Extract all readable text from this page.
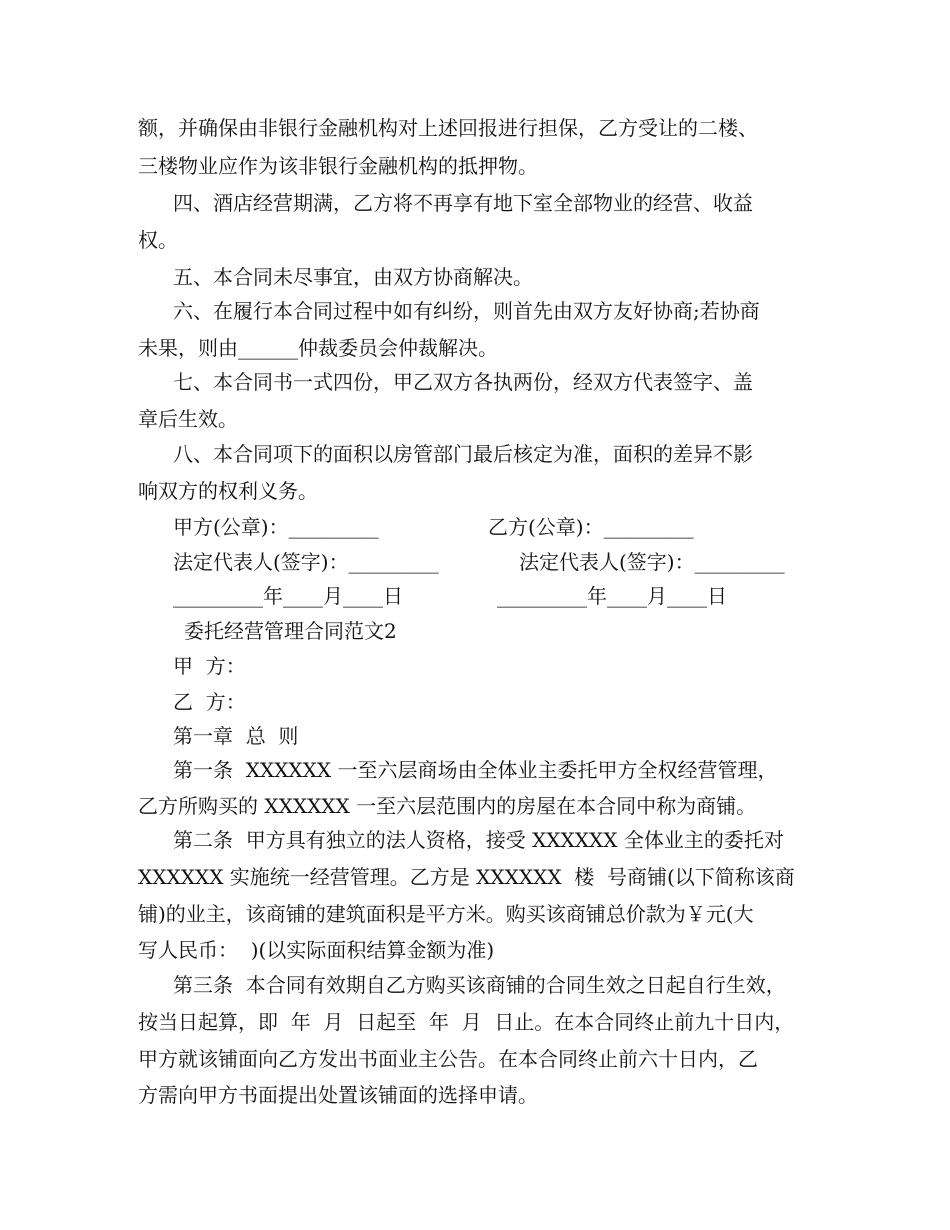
额，并确保由非银行金融机构对上述回报进行担保，乙方受让的二楼、

三楼物业应作为该非银行金融机构的抵押物。

四、酒店经营期满，乙方将不再享有地下室全部物业的经营、收益

权。

五、本合同未尽事宜，由双方协商解决。

六、在履行本合同过程中如有纠纷，则首先由双方友好协商;若协商

未果，则由______仲裁委员会仲裁解决。

七、本合同书一式四份，甲乙双方各执两份，经双方代表签字、盖

章后生效。

八、本合同项下的面积以房管部门最后核定为准，面积的差异不影

响双方的权利义务。

甲方(公章)：_________	乙方(公章)：_________

法定代表人(签字)：_________	法定代表人(签字)：_________

_________年____月____日	_________年____月____日

委托经营管理合同范文2

甲  方：

乙  方：

第一章  总  则

第一条  XXXXXX 一至六层商场由全体业主委托甲方全权经营管理，

乙方所购买的 XXXXXX 一至六层范围内的房屋在本合同中称为商铺。

第二条  甲方具有独立的法人资格，接受 XXXXXX 全体业主的委托对

XXXXXX 实施统一经营管理。乙方是 XXXXXX  楼  号商铺(以下简称该商

铺)的业主，该商铺的建筑面积是平方米。购买该商铺总价款为￥元(大

写人民币：  )(以实际面积结算金额为准)

第三条  本合同有效期自乙方购买该商铺的合同生效之日起自行生效，

按当日起算，即  年  月  日起至  年  月  日止。在本合同终止前九十日内，

甲方就该铺面向乙方发出书面业主公告。在本合同终止前六十日内，乙

方需向甲方书面提出处置该铺面的选择申请。
